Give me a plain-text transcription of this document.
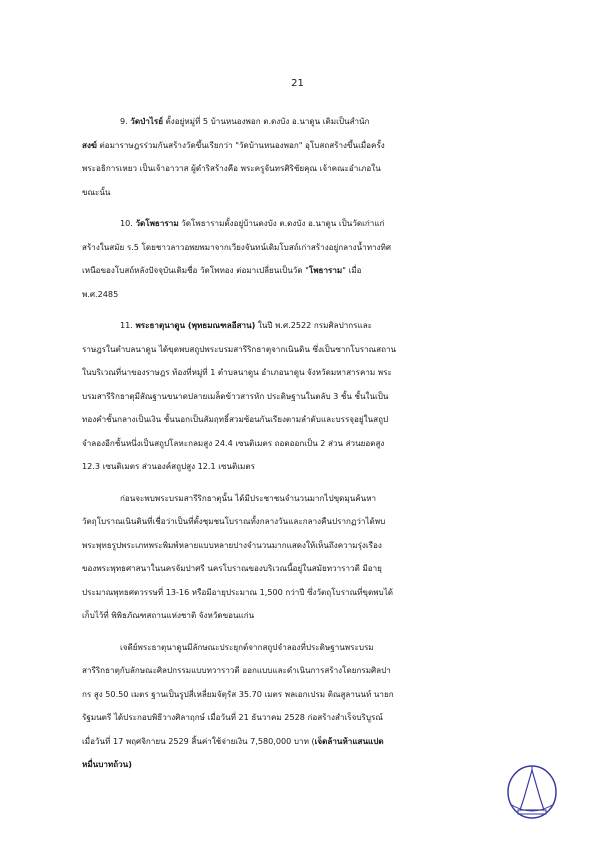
21

9. วัดป่าไรย์ ตั้งอยู่หมู่ที่ 5 บ้านหนองพอก ต.ดงบัง อ.นาดูน เดิมเป็นสำนัก

สงฆ์ ต่อมาราษฎรร่วมกันสร้างวัดขึ้นเรียกว่า "วัดบ้านหนองพอก" อุโบสถสร้างขึ้นเมื่อครั้ง

พระอธิการเหยว เป็นเจ้าอาวาส ผู้ดำริสร้างคือ พระครูจันทรศิริชัยคุณ เจ้าคณะอำเภอใน

ขณะนั้น

10. วัดโพธาราม วัดโพธารามตั้งอยู่บ้านดงบัง ต.ดงบัง อ.นาดูน เป็นวัดเก่าแก่

สร้างในสมัย ร.5 โดยชาวลาวอพยพมาจากเวียงจันทน์เดิมโบสถ์เก่าสร้างอยู่กลางน้ำทางทิศ

เหนือของโบสถ์หลังปัจจุบันเดิมชื่อ วัดโพทอง ต่อมาเปลี่ยนเป็นวัด "โพธาราม" เมื่อ

พ.ศ.2485

11. พระธาตุนาดูน (พุทธมณฑลอีสาน) ในปี พ.ศ.2522 กรมศิลปากรและ

ราษฎรในตำบลนาดูน ได้ขุดพบสถูปพระบรมสารีริกธาตุจากเนินดิน ซึ่งเป็นซากโบราณสถาน

ในบริเวณที่นาของราษฎร ท้องที่หมู่ที่ 1 ตำบลนาดูน อำเภอนาดูน จังหวัดมหาสารคาม พระ

บรมสารีริกธาตุมีสัณฐานขนาดปลายเมล็ดข้าวสารหัก ประดิษฐานในตลับ 3 ชั้น ชั้นในเป็น

ทองคำชั้นกลางเป็นเงิน ชั้นนอกเป็นสัมฤทธิ์สวมซ้อนกันเรียงตามลำดับและบรรจุอยู่ในสถูป

จำลองอีกชั้นหนึ่งเป็นสถูปโลหะกลมสูง 24.4 เซนติเมตร ถอดออกเป็น 2 ส่วน ส่วนยอดสูง

12.3 เซนติเมตร ส่วนองค์สถูปสูง 12.1 เซนติเมตร

ก่อนจะพบพระบรมสารีริกธาตุนั้น ได้มีประชาชนจำนวนมากไปขุดมุนค้นหา

วัตถุโบราณเนินดินที่เชื่อว่าเป็นที่ตั้งชุมชนโบราณทั้งกลางวันและกลางคืนปรากฏว่าได้พบ

พระพุทธรูปพระเภทพระพิมพ์หลายแบบหลายปางจำนวนมากแสดงให้เห็นถึงความรุ่งเรือง

ของพระพุทธศาสนาในนครจัมปาศรี นครโบราณของบริเวณนี้อยู่ในสมัยทวาราวดี มีอายุ

ประมาณพุทธศตวรรษที่ 13-16 หรือมีอายุประมาณ 1,500 กว่าปี ซึ่งวัตถุโบราณที่ขุดพบได้

เก็บไว้ที่ พิพิธภัณฑสถานแห่งชาติ จังหวัดขอนแก่น

เจดีย์พระธาตุนาดูนมีลักษณะประยุกต์จากสถูปจำลองที่ประดิษฐานพระบรม

สารีริกธาตุกับลักษณะศิลปกรรมแบบทวาราวดี ออกแบบและดำเนินการสร้างโดยกรมศิลปา

กร สูง 50.50 เมตร ฐานเป็นรูปสี่เหลี่ยมจัตุรัส 35.70 เมตร พลเอกเปรม ติณสูลานนท์ นายก

รัฐมนตรี ได้ประกอบพิธีวางศิลาฤกษ์ เมื่อวันที่ 21 ธันวาคม 2528 ก่อสร้างสำเร็จบริบูรณ์

เมื่อวันที่ 17 พฤศจิกายน 2529 สิ้นค่าใช้จ่ายเงิน 7,580,000 บาท (เจ็ดล้านห้าแสนแปด

หมื่นบาทถ้วน)
